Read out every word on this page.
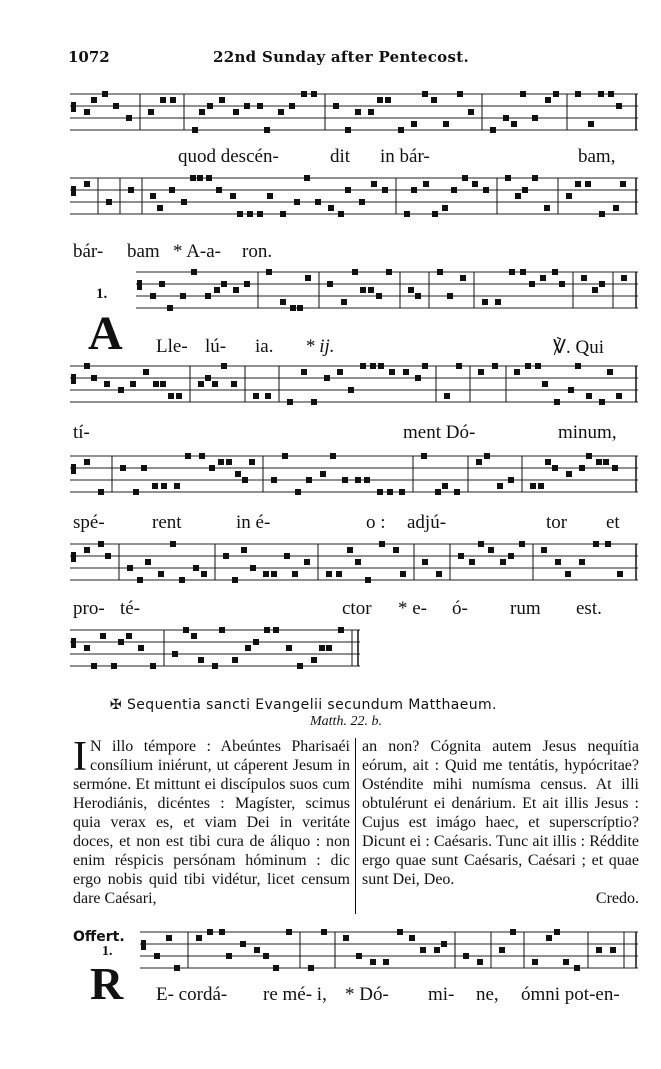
1072	22nd Sunday after Pentecost.
quod descén-	dit in bár-	bam,
bár- bam * A-a- ron.
1.
A Lle- lú- ia. * ij.	℣. Qui
tí-	ment Dó-	minum,
spé- rent	in é-	o : adjú-	tor et
pro- té-	ctor * e- ó- rum est.
✠ Sequentia sancti Evangelii secundum Matthaeum.
Matth. 22. b.
I N illo témpore : Abeúntes Pharisaéi consílium iniérunt, ut cáperent Jesum in sermóne. Et mittunt ei discípulos suos cum Herodiánis, dicéntes : Magíster, scimus quia verax es, et viam Dei in veritáte doces, et non est tibi cura de áliquo : non enim réspicis persónam hóminum : dic ergo nobis quid tibi vidétur, licet censum dare Caésari,
an non? Cógnita autem Jesus nequítia eórum, ait : Quid me tentátis, hypócritae? Osténdite mihi numísma census. At illi obtulérunt ei denárium. Et ait illis Jesus : Cujus est imágo haec, et superscríptio? Dicunt ei : Caésaris. Tunc ait illis : Réddite ergo quae sunt Caésaris, Caésari ; et quae sunt Dei, Deo.
Credo.
Offert.
1.
R E- cordá- re mé- i, * Dó- mi- ne, ómni pot-en-
